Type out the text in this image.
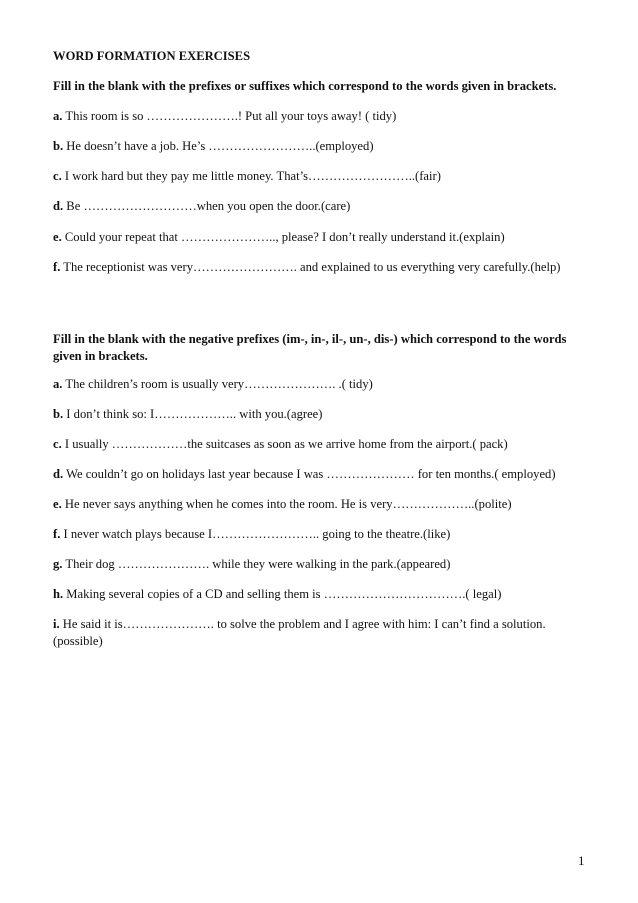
WORD FORMATION EXERCISES
Fill in the blank with the prefixes or suffixes which correspond to the words given in brackets.
a. This room is so ………………….! Put all your toys away! ( tidy)
b. He doesn’t have a job. He’s ……………………..(employed)
c. I work hard but they pay me little money. That’s……………………..(fair)
d. Be ………………………when you open the door.(care)
e. Could your repeat that ………………….., please? I don’t really understand it.(explain)
f. The receptionist was very……………………. and explained to us everything very carefully.(help)
Fill in the blank with the negative prefixes (im-, in-, il-, un-, dis-) which correspond to the words given in brackets.
a. The children’s room is usually very…………………. .( tidy)
b. I don’t think so: I……………….. with you.(agree)
c. I usually ………………the suitcases as soon as we arrive home from the airport.( pack)
d. We couldn’t go on holidays last year because I was ………………… for ten months.( employed)
e. He never says anything when he comes into the room. He is very………………..(polite)
f. I never watch plays because I…………………….. going to the theatre.(like)
g. Their dog …………………. while they were walking in the park.(appeared)
h. Making several copies of a CD and selling them is …………………………….( legal)
i. He said it is…………………. to solve the problem and I agree with him: I can’t find a solution. (possible)
1
